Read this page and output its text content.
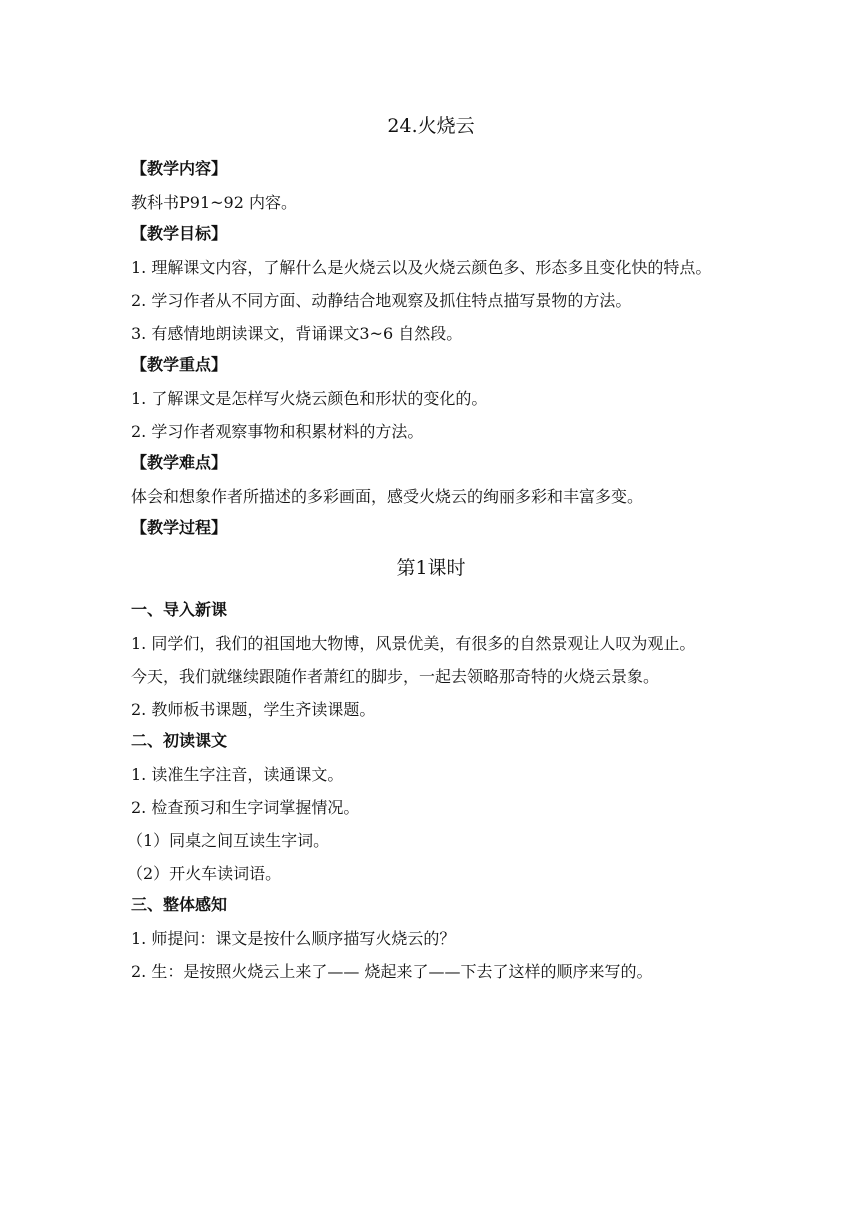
24.火烧云
【教学内容】
教科书P91~92 内容。
【教学目标】
1. 理解课文内容，了解什么是火烧云以及火烧云颜色多、形态多且变化快的特点。
2. 学习作者从不同方面、动静结合地观察及抓住特点描写景物的方法。
3. 有感情地朗读课文，背诵课文3~6 自然段。
【教学重点】
1. 了解课文是怎样写火烧云颜色和形状的变化的。
2. 学习作者观察事物和积累材料的方法。
【教学难点】
体会和想象作者所描述的多彩画面，感受火烧云的绚丽多彩和丰富多变。
【教学过程】
第1课时
一、导入新课
1. 同学们，我们的祖国地大物博，风景优美，有很多的自然景观让人叹为观止。
今天，我们就继续跟随作者萧红的脚步，一起去领略那奇特的火烧云景象。
2. 教师板书课题，学生齐读课题。
二、初读课文
1. 读准生字注音，读通课文。
2. 检查预习和生字词掌握情况。
（1）同桌之间互读生字词。
（2）开火车读词语。
三、整体感知
1. 师提问：课文是按什么顺序描写火烧云的？
2. 生：是按照火烧云上来了—— 烧起来了——下去了这样的顺序来写的。
